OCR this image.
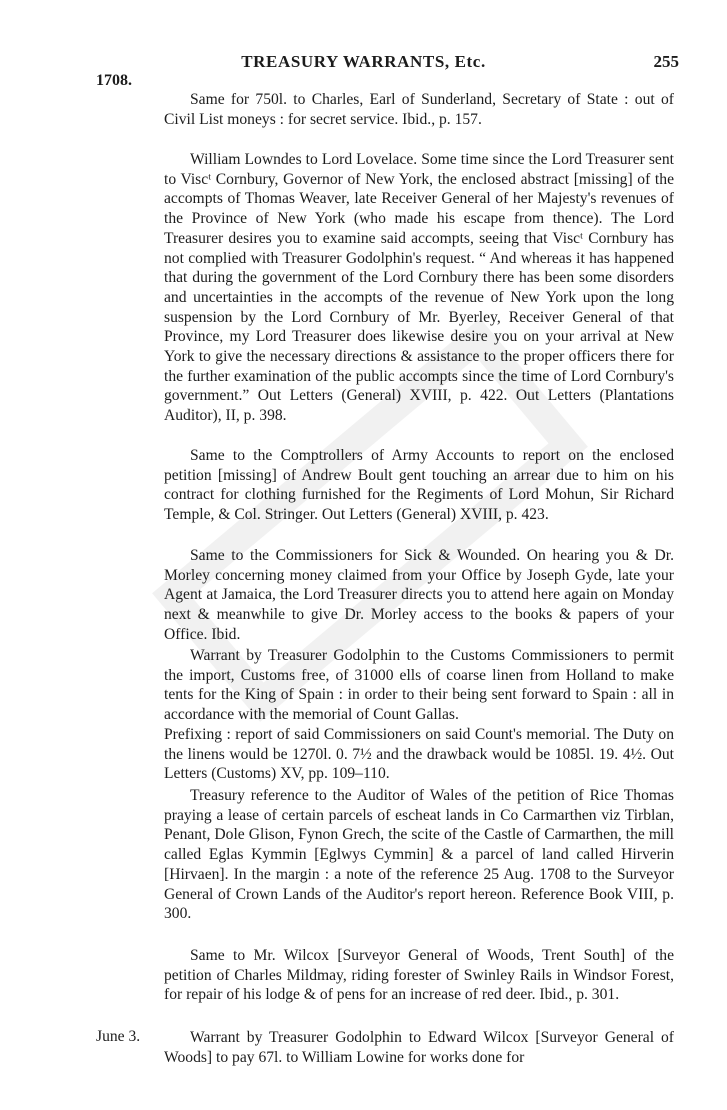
TREASURY WARRANTS, Etc.	255
1708.

Same for 750l. to Charles, Earl of Sunderland, Secretary of State : out of Civil List moneys : for secret service. Ibid., p. 157.

William Lowndes to Lord Lovelace. Some time since the Lord Treasurer sent to Viscᵗ Cornbury, Governor of New York, the enclosed abstract [missing] of the accompts of Thomas Weaver, late Receiver General of her Majesty's revenues of the Province of New York (who made his escape from thence). The Lord Treasurer desires you to examine said accompts, seeing that Viscᵗ Cornbury has not complied with Treasurer Godolphin's request. “ And whereas it has happened that during the government of the Lord Cornbury there has been some disorders and uncertainties in the accompts of the revenue of New York upon the long suspension by the Lord Cornbury of Mr. Byerley, Receiver General of that Province, my Lord Treasurer does likewise desire you on your arrival at New York to give the necessary directions & assistance to the proper officers there for the further examination of the public accompts since the time of Lord Cornbury's government.” Out Letters (General) XVIII, p. 422. Out Letters (Plantations Auditor), II, p. 398.

Same to the Comptrollers of Army Accounts to report on the enclosed petition [missing] of Andrew Boult gent touching an arrear due to him on his contract for clothing furnished for the Regiments of Lord Mohun, Sir Richard Temple, & Col. Stringer. Out Letters (General) XVIII, p. 423.

Same to the Commissioners for Sick & Wounded. On hearing you & Dr. Morley concerning money claimed from your Office by Joseph Gyde, late your Agent at Jamaica, the Lord Treasurer directs you to attend here again on Monday next & meanwhile to give Dr. Morley access to the books & papers of your Office. Ibid.

Warrant by Treasurer Godolphin to the Customs Commissioners to permit the import, Customs free, of 31000 ells of coarse linen from Holland to make tents for the King of Spain : in order to their being sent forward to Spain : all in accordance with the memorial of Count Gallas.

Prefixing : report of said Commissioners on said Count's memorial. The Duty on the linens would be 1270l. 0. 7½ and the drawback would be 1085l. 19. 4½. Out Letters (Customs) XV, pp. 109–110.

Treasury reference to the Auditor of Wales of the petition of Rice Thomas praying a lease of certain parcels of escheat lands in Co Carmarthen viz Tirblan, Penant, Dole Glison, Fynon Grech, the scite of the Castle of Carmarthen, the mill called Eglas Kymmin [Eglwys Cymmin] & a parcel of land called Hirverin [Hirvaen]. In the margin : a note of the reference 25 Aug. 1708 to the Surveyor General of Crown Lands of the Auditor's report hereon. Reference Book VIII, p. 300.

Same to Mr. Wilcox [Surveyor General of Woods, Trent South] of the petition of Charles Mildmay, riding forester of Swinley Rails in Windsor Forest, for repair of his lodge & of pens for an increase of red deer. Ibid., p. 301.

June 3.	Warrant by Treasurer Godolphin to Edward Wilcox [Surveyor General of Woods] to pay 67l. to William Lowine for works done for
